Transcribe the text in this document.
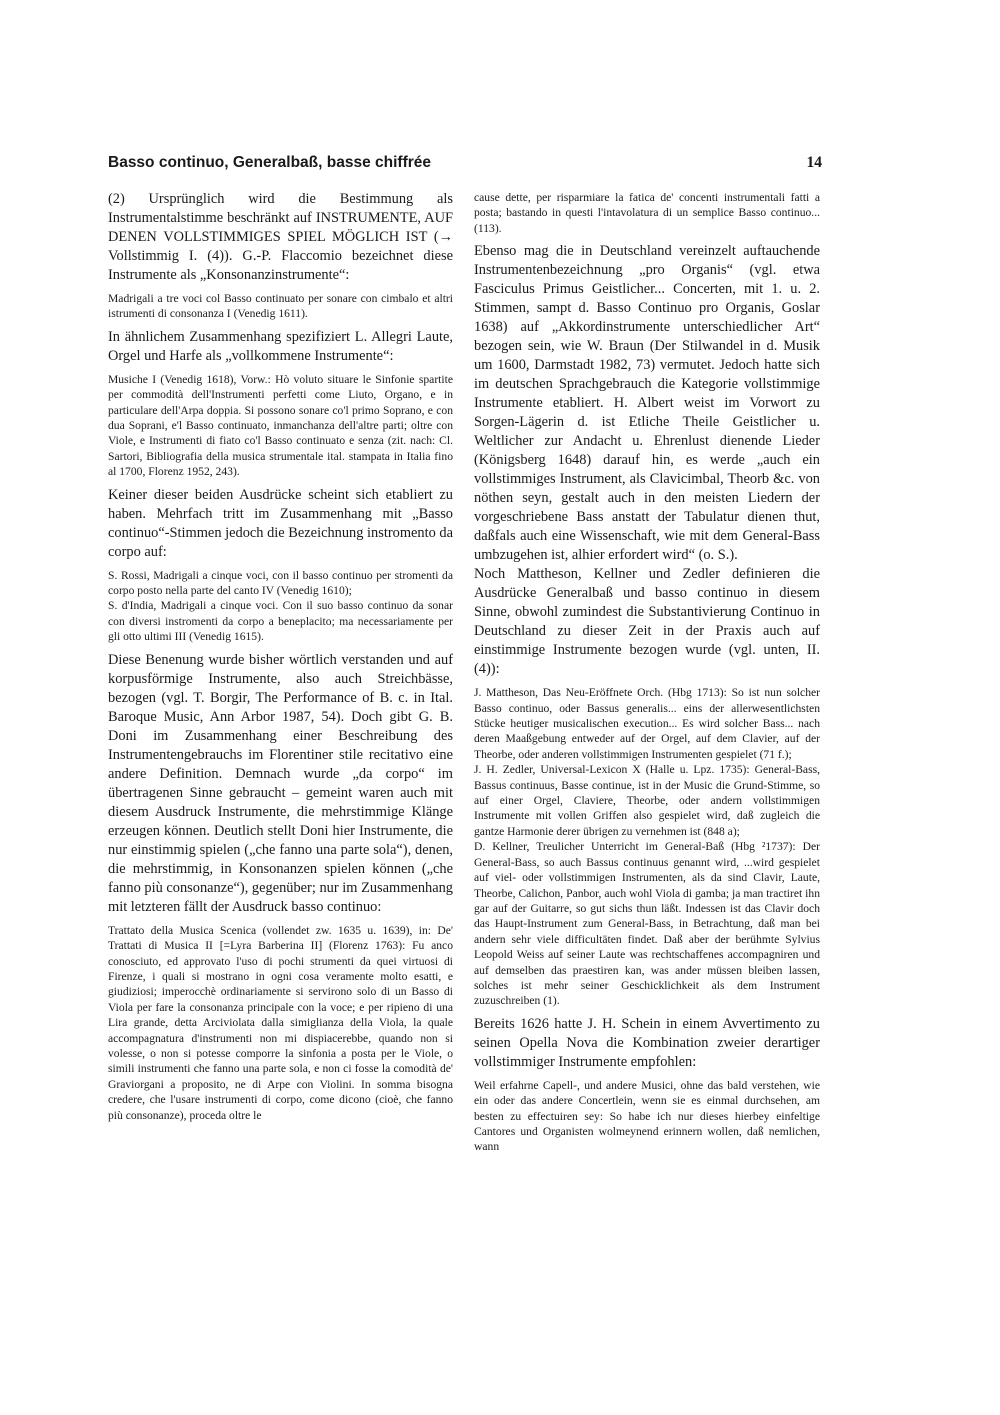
Basso continuo, Generalbaß, basse chiffrée	14

(2) Ursprünglich wird die Bestimmung als Instrumentalstimme beschränkt auf INSTRUMENTE, AUF DENEN VOLLSTIMMIGES SPIEL MÖGLICH IST (→ Vollstimmig I. (4)). G.-P. Flaccomio bezeichnet diese Instrumente als „Konsonanzinstrumente“:

Madrigali a tre voci col Basso continuato per sonare con cimbalo et altri istrumenti di consonanza I (Venedig 1611).

In ähnlichem Zusammenhang spezifiziert L. Allegri Laute, Orgel und Harfe als „vollkommene Instrumente“:

Musiche I (Venedig 1618), Vorw.: Hò voluto situare le Sinfonie spartite per commodità dell'Instrumenti perfetti come Liuto, Organo, e in particulare dell'Arpa doppia. Si possono sonare co'l primo Soprano, e con dua Soprani, e'l Basso continuato, inmanchanza dell'altre parti; oltre con Viole, e Instrumenti di fiato co'l Basso continuato e senza (zit. nach: Cl. Sartori, Bibliografia della musica strumentale ital. stampata in Italia fino al 1700, Florenz 1952, 243).

Keiner dieser beiden Ausdrücke scheint sich etabliert zu haben. Mehrfach tritt im Zusammenhang mit „Basso continuo“-Stimmen jedoch die Bezeichnung instromento da corpo auf:

S. Rossi, Madrigali a cinque voci, con il basso continuo per stromenti da corpo posto nella parte del canto IV (Venedig 1610);

S. d'India, Madrigali a cinque voci. Con il suo basso continuo da sonar con diversi instromenti da corpo a beneplacito; ma necessariamente per gli otto ultimi III (Venedig 1615).

Diese Benenung wurde bisher wörtlich verstanden und auf korpusförmige Instrumente, also auch Streichbässe, bezogen (vgl. T. Borgir, The Performance of B. c. in Ital. Baroque Music, Ann Arbor 1987, 54). Doch gibt G. B. Doni im Zusammenhang einer Beschreibung des Instrumentengebrauchs im Florentiner stile recitativo eine andere Definition. Demnach wurde „da corpo“ im übertragenen Sinne gebraucht – gemeint waren auch mit diesem Ausdruck Instrumente, die mehrstimmige Klänge erzeugen können. Deutlich stellt Doni hier Instrumente, die nur einstimmig spielen („che fanno una parte sola“), denen, die mehrstimmig, in Konsonanzen spielen können („che fanno più consonanze“), gegenüber; nur im Zusammenhang mit letzteren fällt der Ausdruck basso continuo:

Trattato della Musica Scenica (vollendet zw. 1635 u. 1639), in: De' Trattati di Musica II [=Lyra Barberina II] (Florenz 1763): Fu anco conosciuto, ed approvato l'uso di pochi strumenti da quei virtuosi di Firenze, i quali si mostrano in ogni cosa veramente molto esatti, e giudiziosi; imperocchè ordinariamente si servirono solo di un Basso di Viola per fare la consonanza principale con la voce; e per ripieno di una Lira grande, detta Arciviolata dalla simiglianza della Viola, la quale accompagnatura d'instrumenti non mi dispiacerebbe, quando non si volesse, o non si potesse comporre la sinfonia a posta per le Viole, o simili instrumenti che fanno una parte sola, e non ci fosse la comodità de' Graviorgani a proposito, ne di Arpe con Violini. In somma bisogna credere, che l'usare instrumenti di corpo, come dicono (cioè, che fanno più consonanze), proceda oltre le

cause dette, per risparmiare la fatica de' concenti instrumentali fatti a posta; bastando in questi l'intavolatura di un semplice Basso continuo... (113).

Ebenso mag die in Deutschland vereinzelt auftauchende Instrumentenbezeichnung „pro Organis“ (vgl. etwa Fasciculus Primus Geistlicher... Concerten, mit 1. u. 2. Stimmen, sampt d. Basso Continuo pro Organis, Goslar 1638) auf „Akkordinstrumente unterschiedlicher Art“ bezogen sein, wie W. Braun (Der Stilwandel in d. Musik um 1600, Darmstadt 1982, 73) vermutet. Jedoch hatte sich im deutschen Sprachgebrauch die Kategorie vollstimmige Instrumente etabliert. H. Albert weist im Vorwort zu Sorgen-Lägerin d. ist Etliche Theile Geistlicher u. Weltlicher zur Andacht u. Ehrenlust dienende Lieder (Königsberg 1648) darauf hin, es werde „auch ein vollstimmiges Instrument, als Clavicimbal, Theorb &c. von nöthen seyn, gestalt auch in den meisten Liedern der vorgeschriebene Bass anstatt der Tabulatur dienen thut, daßfals auch eine Wissenschaft, wie mit dem General-Bass umbzugehen ist, alhier erfordert wird“ (o. S.).

Noch Mattheson, Kellner und Zedler definieren die Ausdrücke Generalbaß und basso continuo in diesem Sinne, obwohl zumindest die Substantivierung Continuo in Deutschland zu dieser Zeit in der Praxis auch auf einstimmige Instrumente bezogen wurde (vgl. unten, II. (4)):

J. Mattheson, Das Neu-Eröffnete Orch. (Hbg 1713): So ist nun solcher Basso continuo, oder Bassus generalis... eins der allerwesentlichsten Stücke heutiger musicalischen execution... Es wird solcher Bass... nach deren Maaßgebung entweder auf der Orgel, auf dem Clavier, auf der Theorbe, oder anderen vollstimmigen Instrumenten gespielet (71 f.);

J. H. Zedler, Universal-Lexicon X (Halle u. Lpz. 1735): General-Bass, Bassus continuus, Basse continue, ist in der Music die Grund-Stimme, so auf einer Orgel, Claviere, Theorbe, oder andern vollstimmigen Instrumente mit vollen Griffen also gespielet wird, daß zugleich die gantze Harmonie derer übrigen zu vernehmen ist (848 a);

D. Kellner, Treulicher Unterricht im General-Baß (Hbg ²1737): Der General-Bass, so auch Bassus continuus genannt wird, ...wird gespielet auf viel- oder vollstimmigen Instrumenten, als da sind Clavir, Laute, Theorbe, Calichon, Panbor, auch wohl Viola di gamba; ja man tractiret ihn gar auf der Guitarre, so gut sichs thun läßt. Indessen ist das Clavir doch das Haupt-Instrument zum General-Bass, in Betrachtung, daß man bei andern sehr viele difficultäten findet. Daß aber der berühmte Sylvius Leopold Weiss auf seiner Laute was rechtschaffenes accompagniren und auf demselben das praestiren kan, was ander müssen bleiben lassen, solches ist mehr seiner Geschicklichkeit als dem Instrument zuzuschreiben (1).

Bereits 1626 hatte J. H. Schein in einem Avvertimento zu seinen Opella Nova die Kombination zweier derartiger vollstimmiger Instrumente empfohlen:

Weil erfahrne Capell-, und andere Musici, ohne das bald verstehen, wie ein oder das andere Concertlein, wenn sie es einmal durchsehen, am besten zu effectuiren sey: So habe ich nur dieses hierbey einfeltige Cantores und Organisten wolmeynend erinnern wollen, daß nemlichen, wann
